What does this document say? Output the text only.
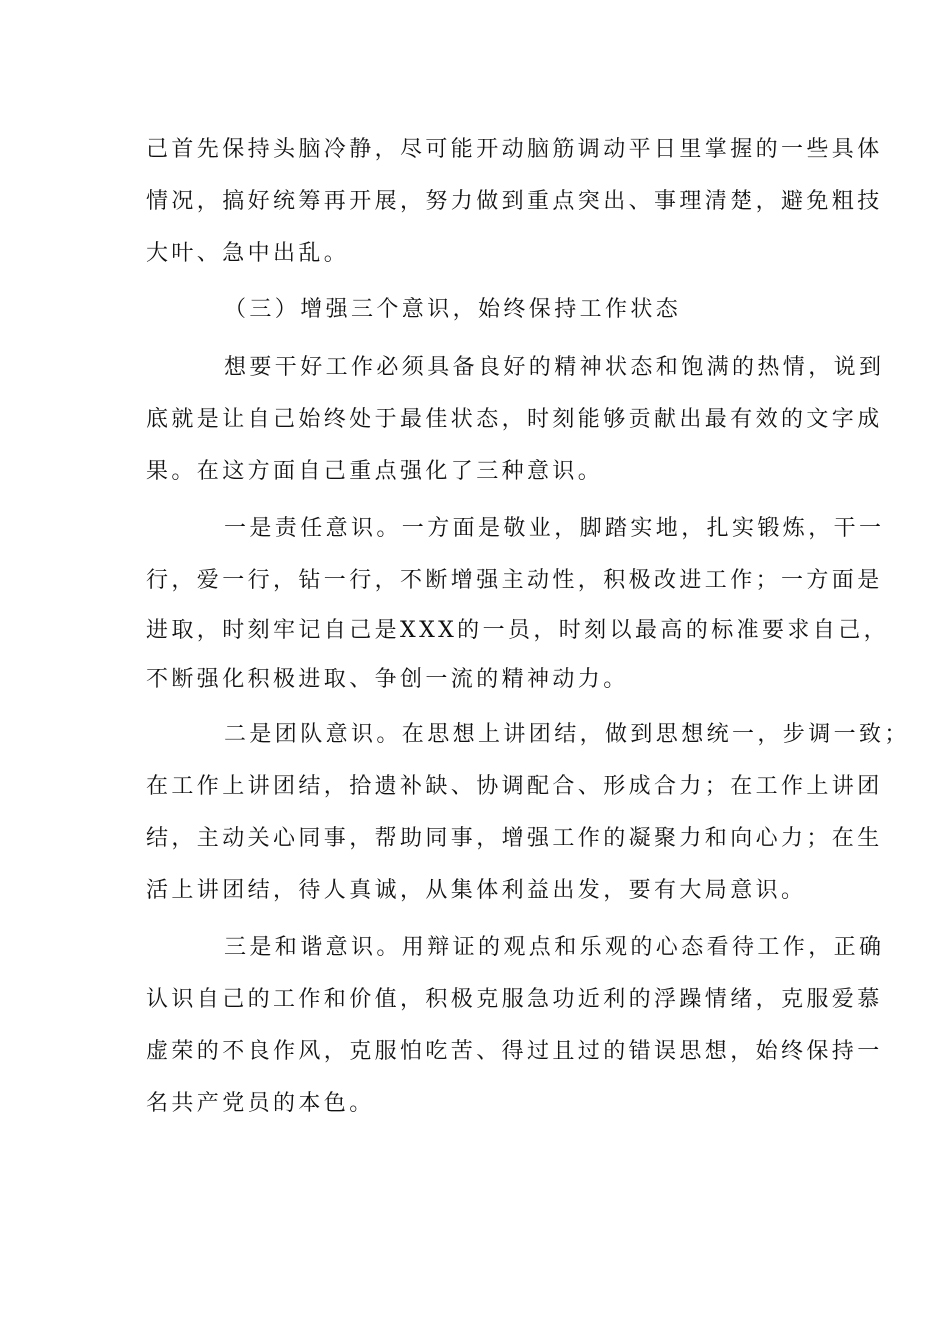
己首先保持头脑冷静，尽可能开动脑筋调动平日里掌握的一些具体
情况，搞好统筹再开展，努力做到重点突出、事理清楚，避免粗技
大叶、急中出乱。
（三）增强三个意识，始终保持工作状态
想要干好工作必须具备良好的精神状态和饱满的热情，说到
底就是让自己始终处于最佳状态，时刻能够贡献出最有效的文字成
果。在这方面自己重点强化了三种意识。
一是责任意识。一方面是敬业，脚踏实地，扎实锻炼，干一
行，爱一行，钻一行，不断增强主动性，积极改进工作；一方面是
进取，时刻牢记自己是XXX的一员，时刻以最高的标准要求自己，
不断强化积极进取、争创一流的精神动力。
二是团队意识。在思想上讲团结，做到思想统一，步调一致；
在工作上讲团结，拾遗补缺、协调配合、形成合力；在工作上讲团
结，主动关心同事，帮助同事，增强工作的凝聚力和向心力；在生
活上讲团结，待人真诚，从集体利益出发，要有大局意识。
三是和谐意识。用辩证的观点和乐观的心态看待工作，正确
认识自己的工作和价值，积极克服急功近利的浮躁情绪，克服爱慕
虚荣的不良作风，克服怕吃苦、得过且过的错误思想，始终保持一
名共产党员的本色。
